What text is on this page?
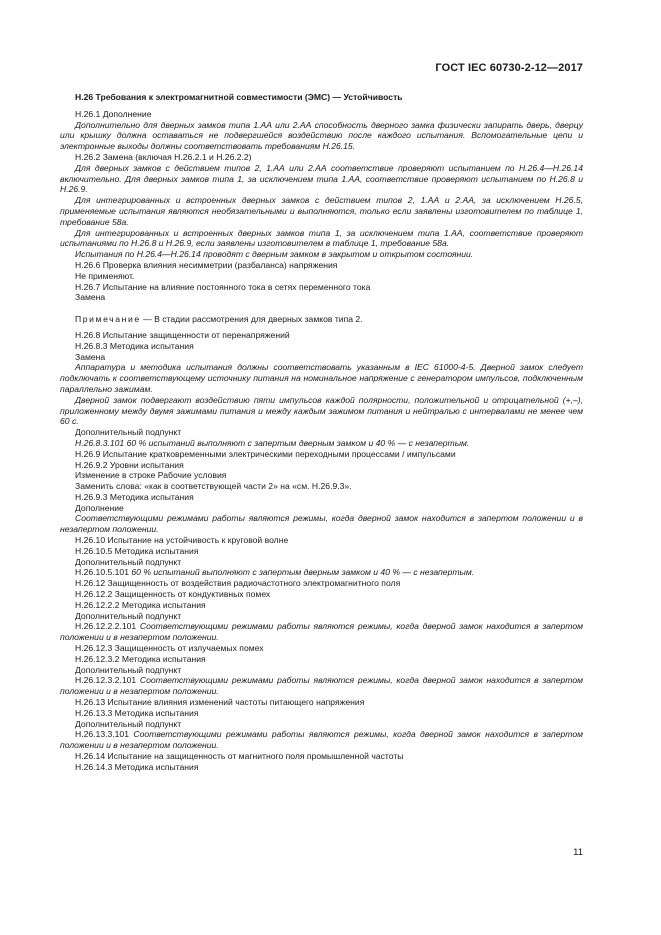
ГОСТ IEC 60730-2-12—2017

Н.26 Требования к электромагнитной совместимости (ЭМС) — Устойчивость

Н.26.1 Дополнение

Дополнительно для дверных замков типа 1.АА или 2.АА способность дверного замка физически запирать дверь, дверцу или крышку должна оставаться не подвергшейся воздействию после каждого испытания. Вспомогательные цепи и электронные выходы должны соответствовать требованиям Н.26.15.

Н.26.2 Замена (включая Н.26.2.1 и Н.26.2.2)

Для дверных замков с действием типов 2, 1.АА или 2.АА соответствие проверяют испытанием по Н.26.4—Н.26.14 включительно. Для дверных замков типа 1, за исключением типа 1.АА, соответствие проверяют испытанием по Н.26.8 и Н.26.9.

Для интегрированных и встроенных дверных замков с действием типов 2, 1.АА и 2.АА, за исключением Н.26.5, применяемые испытания являются необязательными и выполняются, только если заявлены изготовителем по таблице 1, требование 58а.

Для интегрированных и встроенных дверных замков типа 1, за исключением типа 1.АА, соответствие проверяют испытаниями по Н.26.8 и Н.26.9, если заявлены изготовителем в таблице 1, требование 58а.

Испытания по Н.26.4—Н.26.14 проводят с дверным замком в закрытом и открытом состоянии.

Н.26.6 Проверка влияния несимметрии (разбаланса) напряжения

Не применяют.

Н.26.7 Испытание на влияние постоянного тока в сетях переменного тока

Замена

Примечание — В стадии рассмотрения для дверных замков типа 2.

Н.26.8 Испытание защищенности от перенапряжений

Н.26.8.3 Методика испытания

Замена

Аппаратура и методика испытания должны соответствовать указанным в IEC 61000-4-5. Дверной замок следует подключать к соответствующему источнику питания на номинальное напряжение с генератором импульсов, подключенным параллельно зажимам.

Дверной замок подвергают воздействию пяти импульсов каждой полярности, положительной и отрицательной (+,–), приложенному между двумя зажимами питания и между каждым зажимом питания и нейтралью с интервалами не менее чем 60 с.

Дополнительный подпункт

Н.26.8.3.101 60 % испытаний выполняют с запертым дверным замком и 40 % — с незапертым.

Н.26.9 Испытание кратковременными электрическими переходными процессами / импульсами

Н.26.9.2 Уровни испытания

Изменение в строке Рабочие условия

Заменить слова: «как в соответствующей части 2» на «см. Н.26.9.3».

Н.26.9.3 Методика испытания

Дополнение

Соответствующими режимами работы являются режимы, когда дверной замок находится в запертом положении и в незапертом положении.

Н.26.10 Испытание на устойчивость к круговой волне

Н.26.10.5 Методика испытания

Дополнительный подпункт

Н.26.10.5.101 60 % испытаний выполняют с запертым дверным замком и 40 % — с незапертым.

Н.26.12 Защищенность от воздействия радиочастотного электромагнитного поля

Н.26.12.2 Защищенность от кондуктивных помех

Н.26.12.2.2 Методика испытания

Дополнительный подпункт

Н.26.12.2.2.101 Соответствующими режимами работы являются режимы, когда дверной замок находится в запертом положении и в незапертом положении.

Н.26.12.3 Защищенность от излучаемых помех

Н.26.12.3.2 Методика испытания

Дополнительный подпункт

Н.26.12.3.2.101 Соответствующими режимами работы являются режимы, когда дверной замок находится в запертом положении и в незапертом положении.

Н.26.13 Испытание влияния изменений частоты питающего напряжения

Н.26.13.3 Методика испытания

Дополнительный подпункт

Н.26.13.3.101 Соответствующими режимами работы являются режимы, когда дверной замок находится в запертом положении и в незапертом положении.

Н.26.14 Испытание на защищенность от магнитного поля промышленной частоты

Н.26.14.3 Методика испытания

11
